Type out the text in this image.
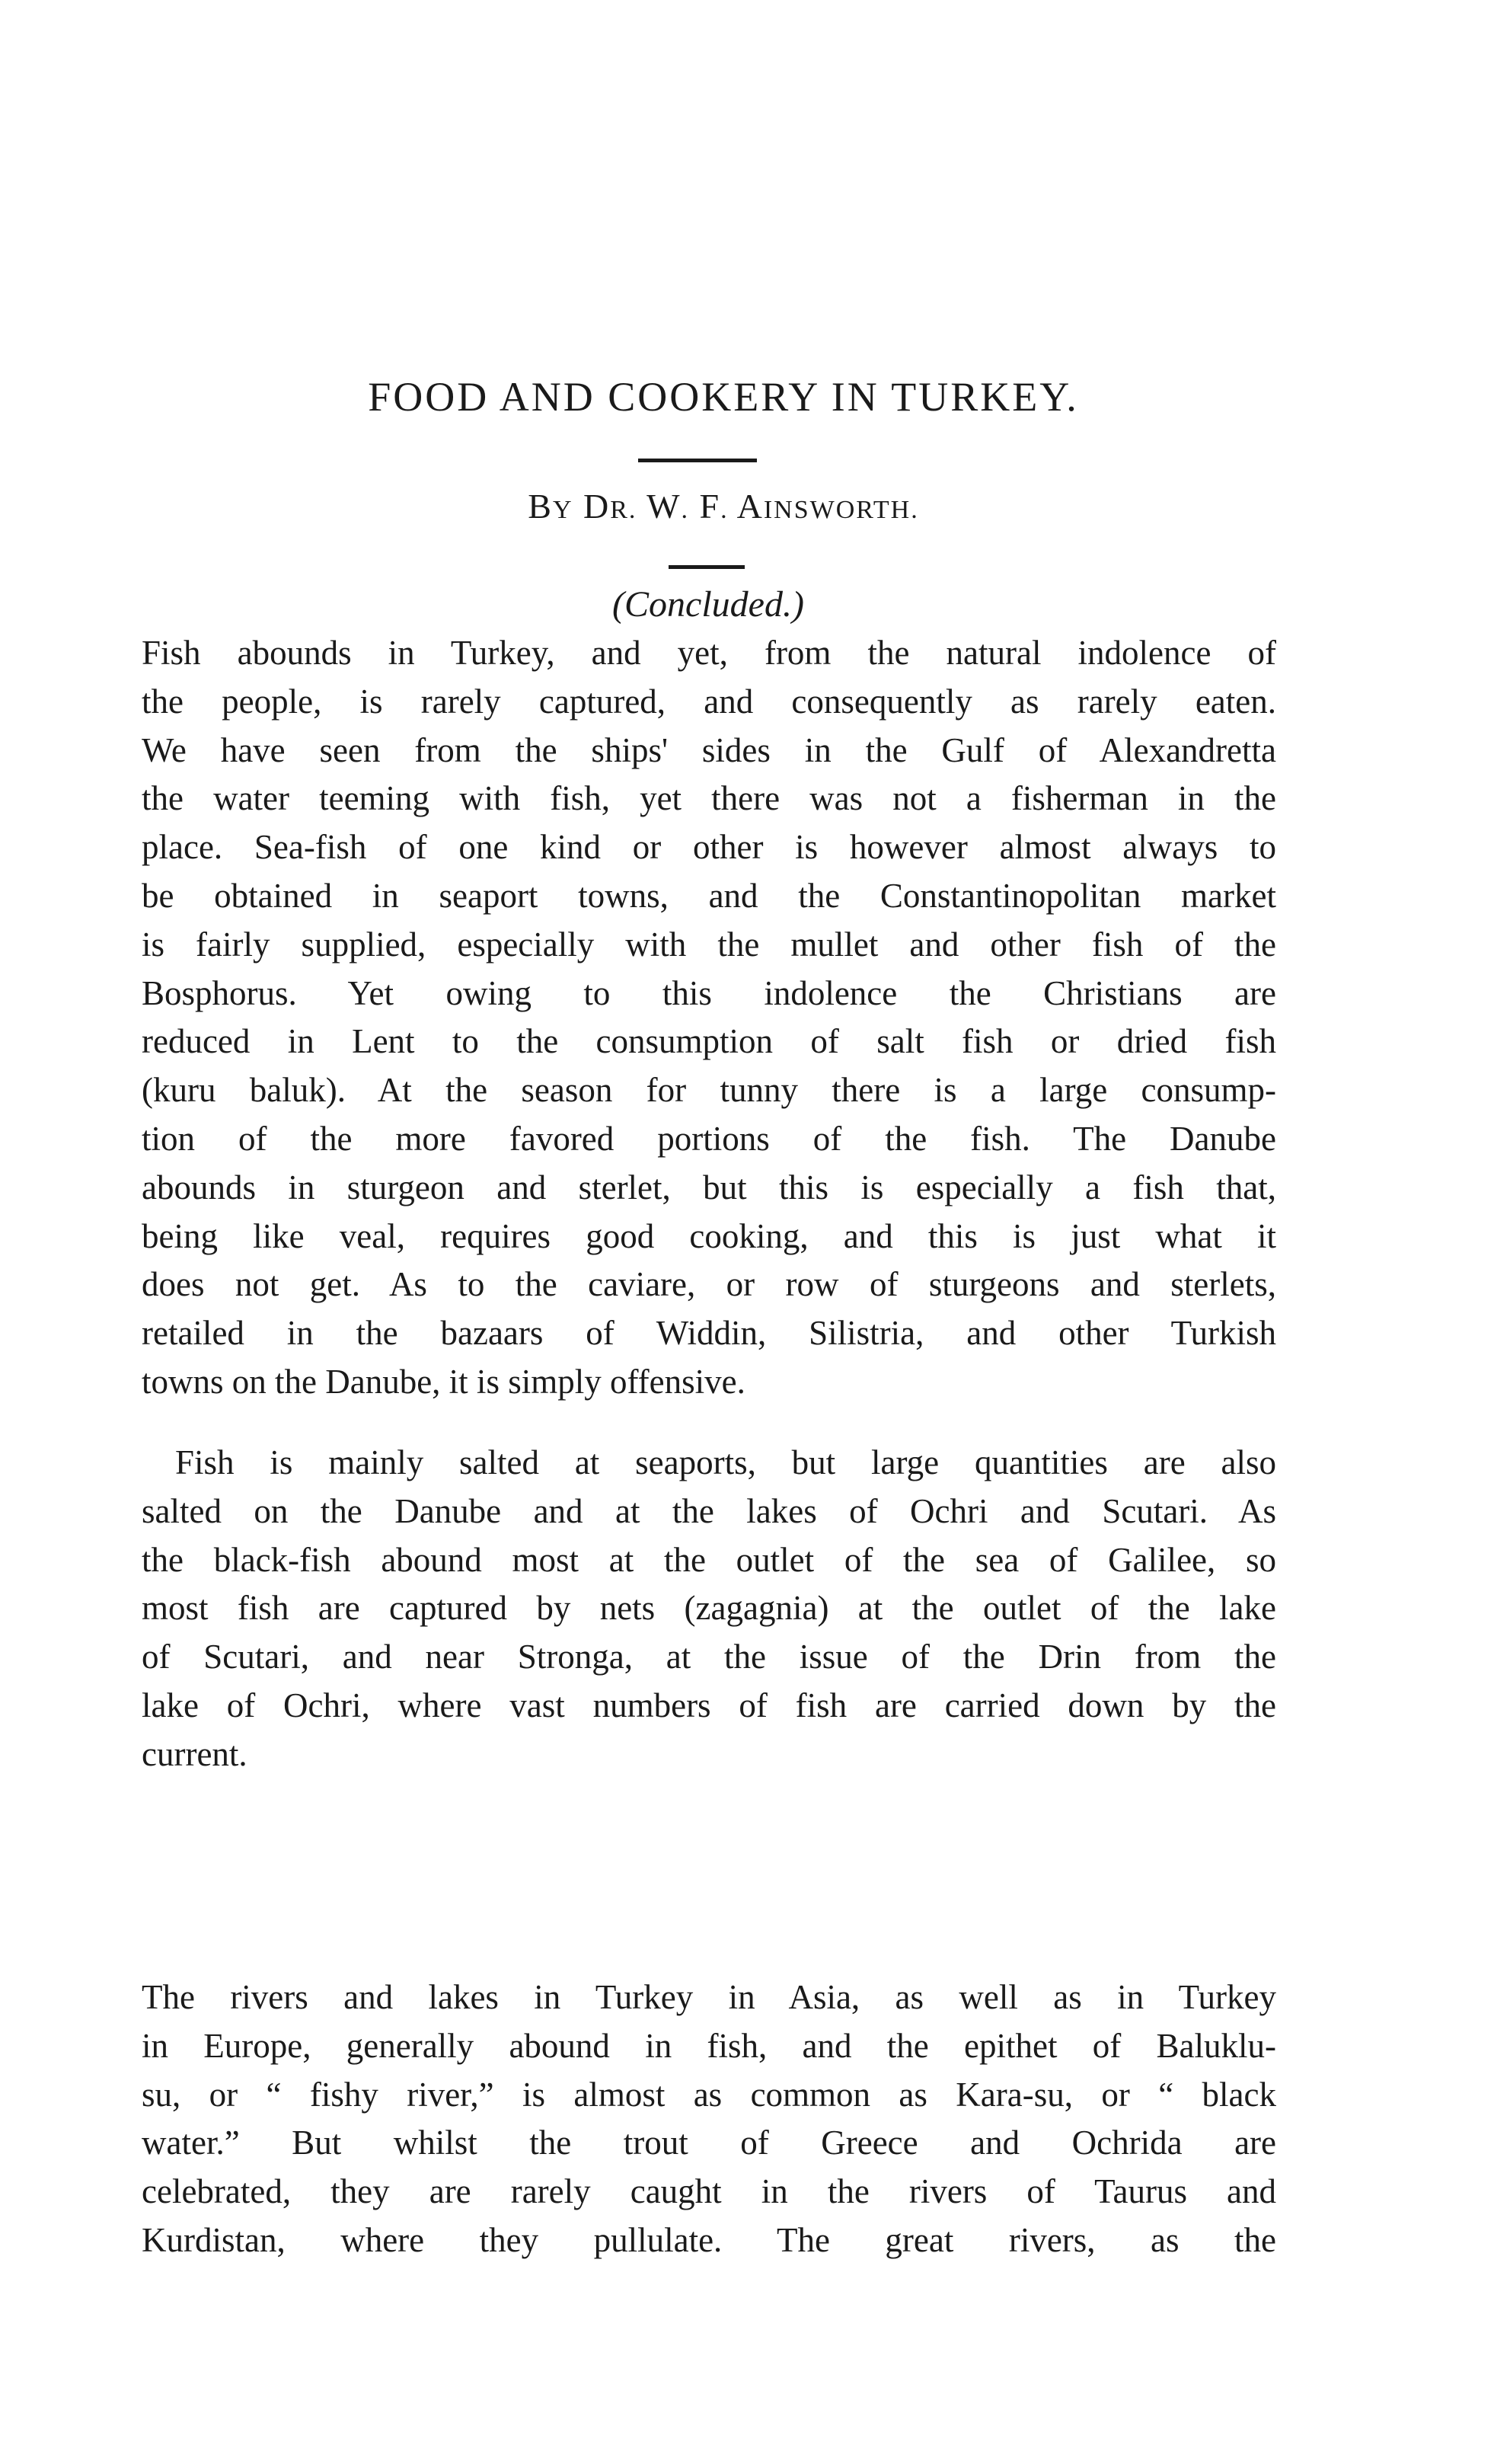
FOOD AND COOKERY IN TURKEY.
BY DR. W. F. AINSWORTH.
(Concluded.)
Fish abounds in Turkey, and yet, from the natural indolence of
the people, is rarely captured, and consequently as rarely eaten.
We have seen from the ships' sides in the Gulf of Alexandretta
the water teeming with fish, yet there was not a fisherman in the
place. Sea-fish of one kind or other is however almost always to
be obtained in seaport towns, and the Constantinopolitan market
is fairly supplied, especially with the mullet and other fish of the
Bosphorus. Yet owing to this indolence the Christians are
reduced in Lent to the consumption of salt fish or dried fish
(kuru baluk). At the season for tunny there is a large consump-
tion of the more favored portions of the fish. The Danube
abounds in sturgeon and sterlet, but this is especially a fish that,
being like veal, requires good cooking, and this is just what it
does not get. As to the caviare, or row of sturgeons and sterlets,
retailed in the bazaars of Widdin, Silistria, and other Turkish
towns on the Danube, it is simply offensive.
Fish is mainly salted at seaports, but large quantities are also
salted on the Danube and at the lakes of Ochri and Scutari. As
the black-fish abound most at the outlet of the sea of Galilee, so
most fish are captured by nets (zagagnia) at the outlet of the lake
of Scutari, and near Stronga, at the issue of the Drin from the
lake of Ochri, where vast numbers of fish are carried down by the
current.
The rivers and lakes in Turkey in Asia, as well as in Turkey
in Europe, generally abound in fish, and the epithet of Baluklu-
su, or “ fishy river,” is almost as common as Kara-su, or “ black
water.” But whilst the trout of Greece and Ochrida are
celebrated, they are rarely caught in the rivers of Taurus and
Kurdistan, where they pullulate. The great rivers, as the
